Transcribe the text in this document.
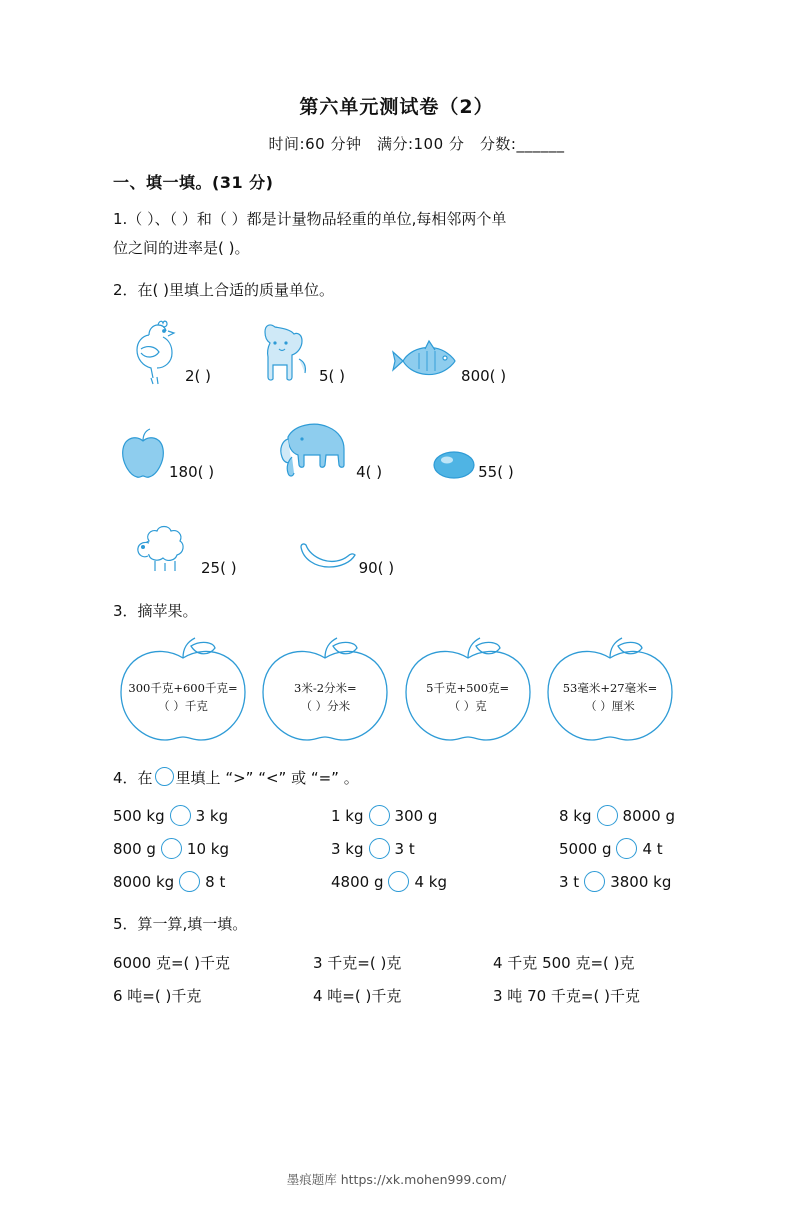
第六单元测试卷（2）
时间:60 分钟　满分:100 分　分数:______
一、填一填。(31 分)
1.（ ）、（ ）和（ ）都是计量物品轻重的单位,每相邻两个单
位之间的进率是( )。
2．在( )里填上合适的质量单位。
2( )	5( )	800( )
180( )	4( )	55( )
25( )	90( )
3．摘苹果。
300千克+600千克=
（ ）千克
3米-2分米=
（ ）分米
5千克+500克=
（ ）克
53毫米+27毫米=
（ ）厘米
4．在 里填上 “>” “<” 或 “=” 。
500 kg 3 kg	1 kg 300 g	8 kg 8000 g
800 g 10 kg	3 kg 3 t	5000 g 4 t
8000 kg 8 t	4800 g 4 kg	3 t 3800 kg
5．算一算,填一填。
6000 克=( )千克	3 千克=( )克	4 千克 500 克=( )克
6 吨=( )千克	4 吨=( )千克	3 吨 70 千克=( )千克
墨痕题库 https://xk.mohen999.com/
